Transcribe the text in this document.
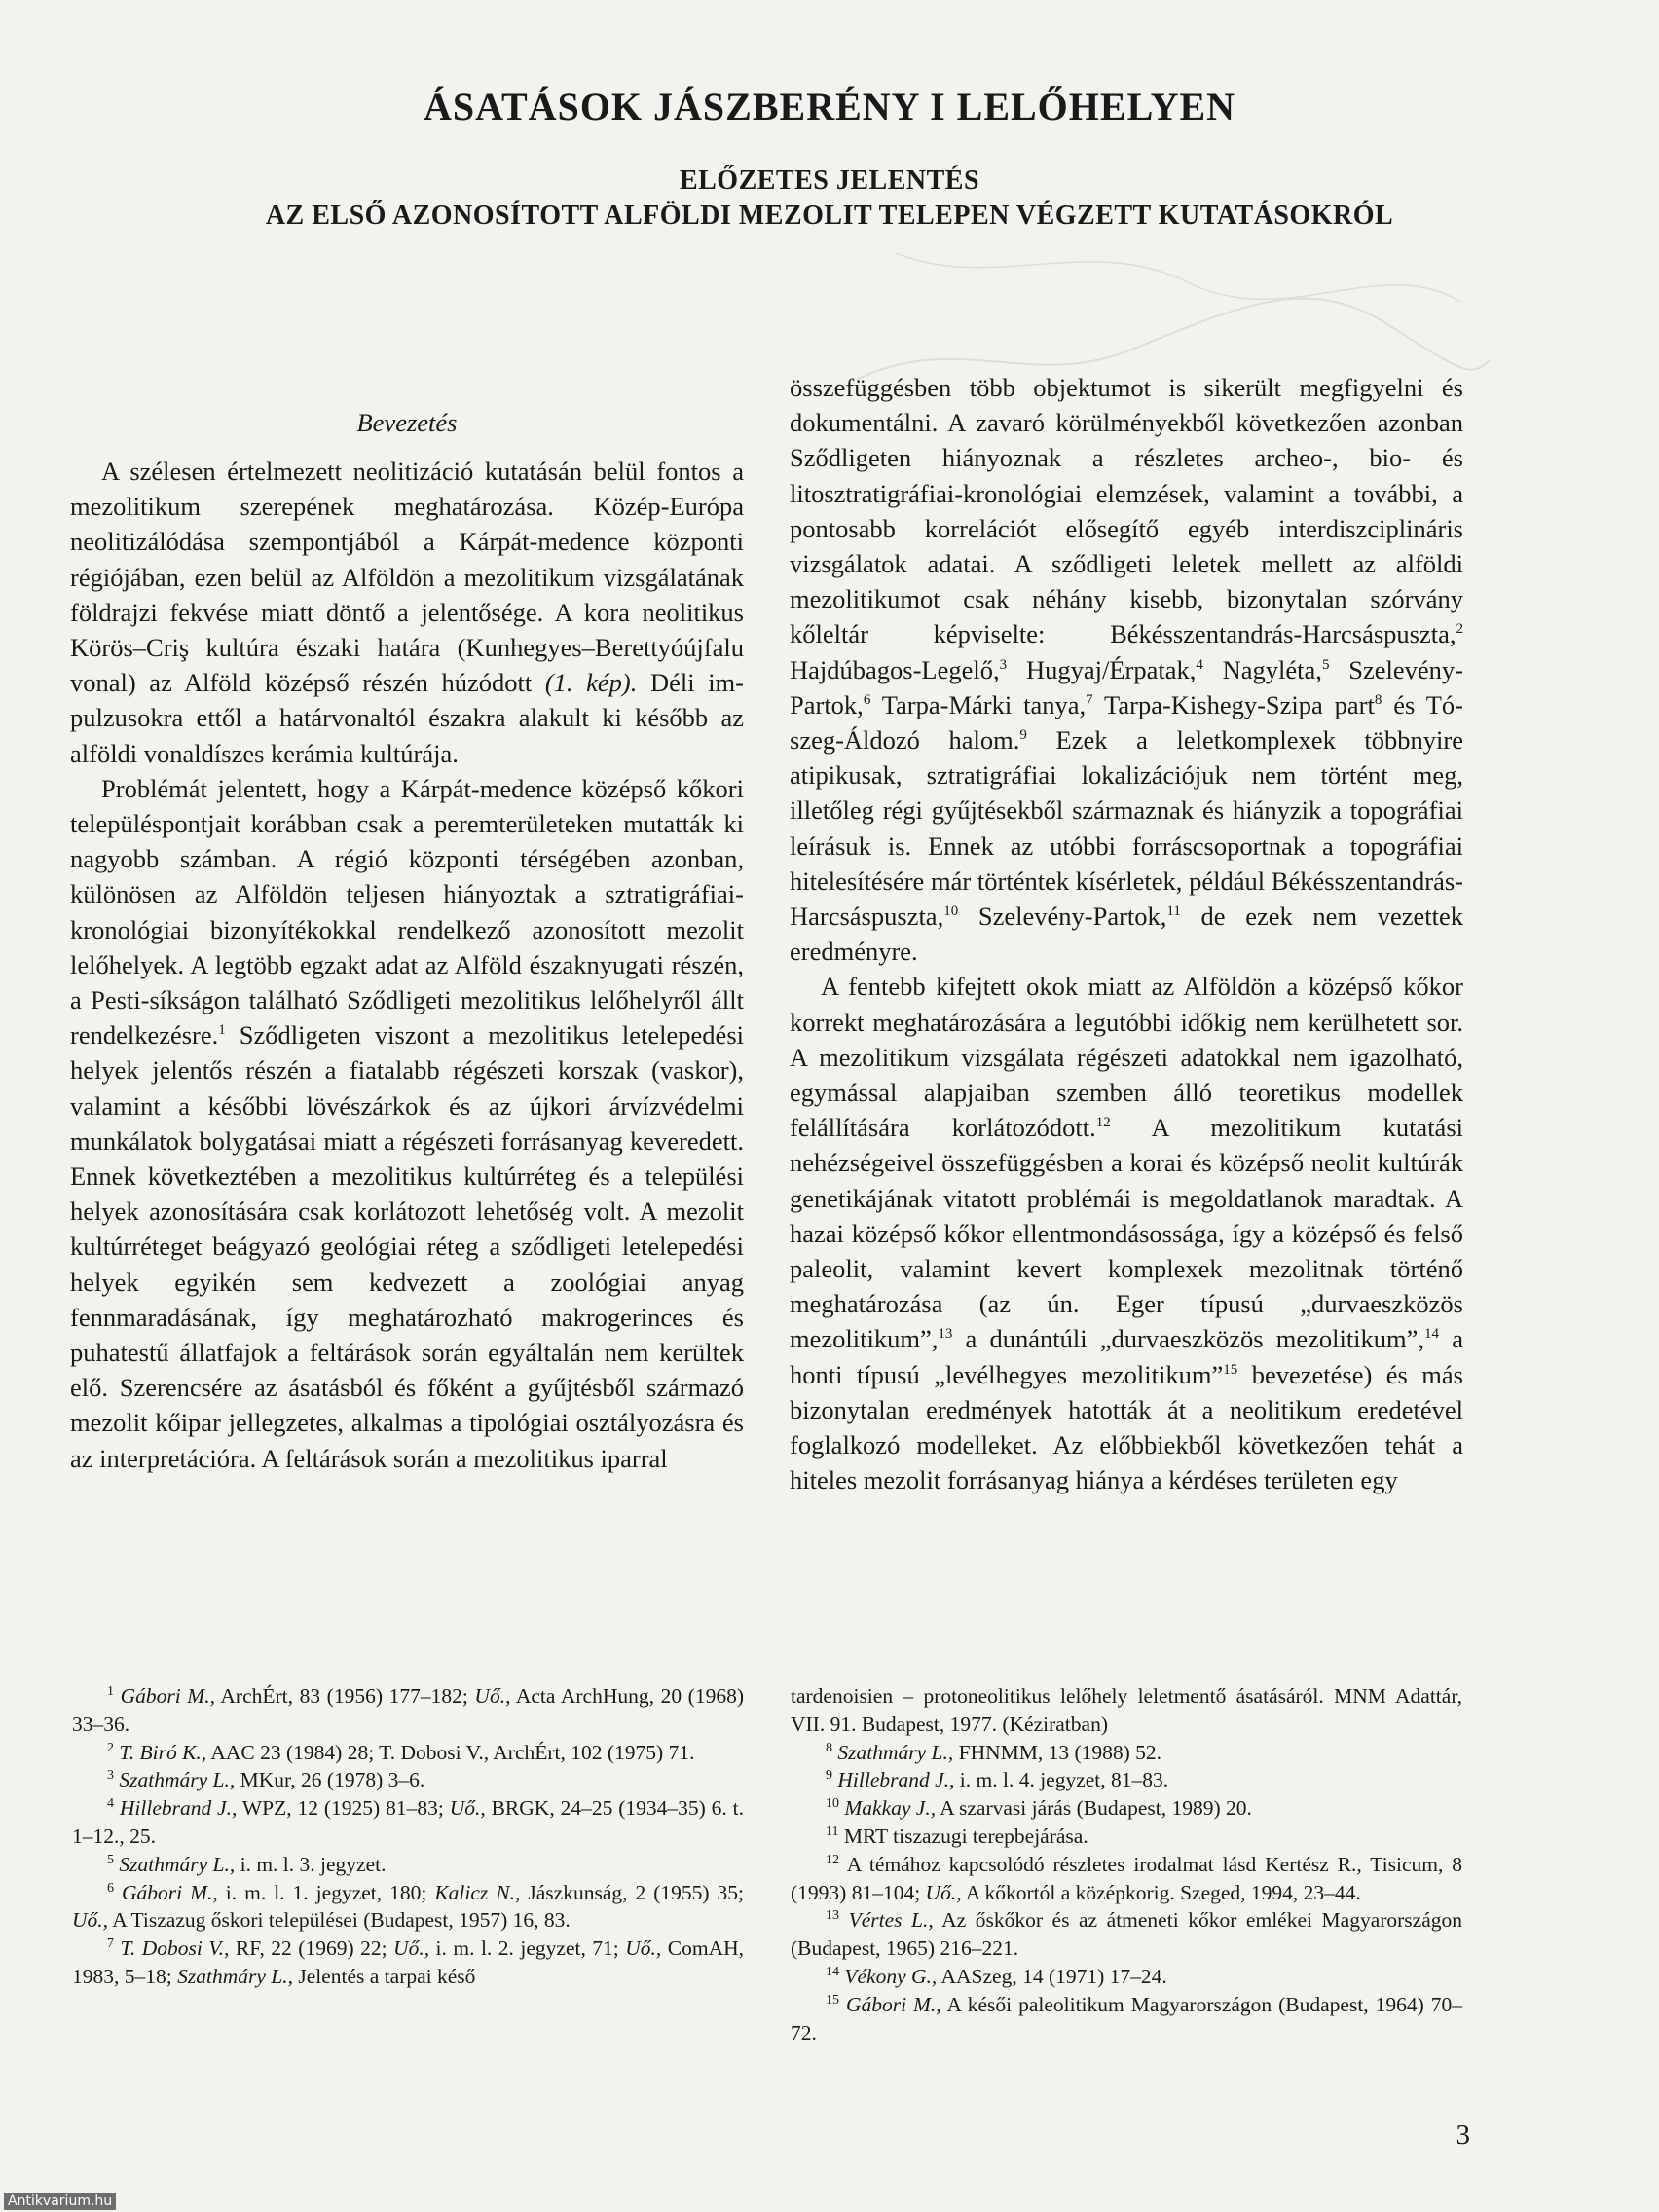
ÁSATÁSOK JÁSZBERÉNY I LELŐHELYEN
ELŐZETES JELENTÉS
AZ ELSŐ AZONOSÍTOTT ALFÖLDI MEZOLIT TELEPEN VÉGZETT KUTATÁSOKRÓL
Bevezetés

A szélesen értelmezett neolitizáció kutatásán belül fontos a mezolitikum szerepének meghatározása. Közép-Európa neolitizálódása szempontjából a Kárpát-medence központi régiójában, ezen belül az Alföldön a mezolitikum vizsgálatának földrajzi fekvése miatt döntő a jelentősége. A kora neolitikus Körös–Criş kultúra északi határa (Kunhegyes–Berettyóújfalu vonal) az Alföld középső részén húzódott (1. kép). Déli impulzusokra ettől a határvonaltól északra alakult ki később az alföldi vonaldíszes kerámia kultúrája.

Problémát jelentett, hogy a Kárpát-medence középső kőkori településpontjait korábban csak a peremterületeken mutatták ki nagyobb számban. A régió központi térségében azonban, különösen az Alföldön teljesen hiányoztak a sztratigráfiai-kronológiai bizonyítékokkal rendelkező azonosított mezolit lelőhelyek. A legtöbb egzakt adat az Alföld északnyugati részén, a Pesti-síkságon található Sződligeti mezolitikus lelőhelyről állt rendelkezésre.$^1$ Sződligeten viszont a mezolitikus letelepedési helyek jelentős részén a fiatalabb régészeti korszak (vaskor), valamint a későbbi lövészárkok és az újkori árvízvédelmi munkálatok bolygatásai miatt a régészeti forrásanyag keveredett. Ennek következtében a mezolitikus kultúrréteg és a települési helyek azonosítására csak korlátozott lehetőség volt. A mezolit kultúrréteget beágyazó geológiai réteg a sződligeti letelepedési helyek egyikén sem kedvezett a zoológiai anyag fennmaradásának, így meghatározható makrogerinces és puhatestű állatfajok a feltárások során egyáltalán nem kerültek elő. Szerencsére az ásatásból és főként a gyűjtésből származó mezolit kőipar jellegzetes, alkalmas a tipológiai osztályozásra és az interpretációra. A feltárások során a mezolitikus iparral

összefüggésben több objektumot is sikerült megfigyelni és dokumentálni. A zavaró körülményekből következően azonban Sződligeten hiányoznak a részletes archeo-, bio- és litosztratigráfiai-kronológiai elemzések, valamint a további, a pontosabb korrelációt elősegítő egyéb interdiszciplináris vizsgálatok adatai. A sződligeti leletek mellett az alföldi mezolitikumot csak néhány kisebb, bizonytalan szórvány kőleltár képviselte: Békésszentandrás-Harcsáspuszta,$^2$ Hajdúbagos-Legelő,$^3$ Hugyaj/Érpatak,$^4$ Nagyléta,$^5$ Szelevény-Partok,$^6$ Tarpa-Márki tanya,$^7$ Tarpa-Kishegy-Szipa part$^8$ és Tószeg-Áldozó halom.$^9$ Ezek a leletkomplexek többnyire atipikusak, sztratigráfiai lokalizációjuk nem történt meg, illetőleg régi gyűjtésekből származnak és hiányzik a topográfiai leírásuk is. Ennek az utóbbi forráscsoportnak a topográfiai hitelesítésére már történtek kísérletek, például Békésszentandrás-Harcsáspuszta,$^{10}$ Szelevény-Partok,$^{11}$ de ezek nem vezettek eredményre.

A fentebb kifejtett okok miatt az Alföldön a középső kőkor korrekt meghatározására a legutóbbi időkig nem kerülhetett sor. A mezolitikum vizsgálata régészeti adatokkal nem igazolható, egymással alapjaiban szemben álló teoretikus modellek felállítására korlátozódott.$^{12}$ A mezolitikum kutatási nehézségeivel összefüggésben a korai és középső neolit kultúrák genetikájának vitatott problémái is megoldatlanok maradtak. A hazai középső kőkor ellentmondásossága, így a középső és felső paleolit, valamint kevert komplexek mezolitnak történő meghatározása (az ún. Eger típusú „durvaeszközös mezolitikum”,$^{13}$ a dunántúli „durvaeszközös mezolitikum”,$^{14}$ a honti típusú „levélhegyes mezolitikum”$^{15}$ bevezetése) és más bizonytalan eredmények hatották át a neolitikum eredetével foglalkozó modelleket. Az előbbiekből következően tehát a hiteles mezolit forrásanyag hiánya a kérdéses területen egy

$^1$ Gábori M., ArchÉrt, 83 (1956) 177–182; Uő., Acta ArchHung, 20 (1968) 33–36.

$^2$ T. Biró K., AAC 23 (1984) 28; T. Dobosi V., ArchÉrt, 102 (1975) 71.

$^3$ Szathmáry L., MKur, 26 (1978) 3–6.

$^4$ Hillebrand J., WPZ, 12 (1925) 81–83; Uő., BRGK, 24–25 (1934–35) 6. t. 1–12., 25.

$^5$ Szathmáry L., i. m. l. 3. jegyzet.

$^6$ Gábori M., i. m. l. 1. jegyzet, 180; Kalicz N., Jászkunság, 2 (1955) 35; Uő., A Tiszazug őskori települései (Budapest, 1957) 16, 83.

$^7$ T. Dobosi V., RF, 22 (1969) 22; Uő., i. m. l. 2. jegyzet, 71; Uő., ComAH, 1983, 5–18; Szathmáry L., Jelentés a tarpai késő

tardenoisien – protoneolitikus lelőhely leletmentő ásatásáról. MNM Adattár, VII. 91. Budapest, 1977. (Kéziratban)

$^8$ Szathmáry L., FHNMM, 13 (1988) 52.

$^9$ Hillebrand J., i. m. l. 4. jegyzet, 81–83.

$^{10}$ Makkay J., A szarvasi járás (Budapest, 1989) 20.

$^{11}$ MRT tiszazugi terepbejárása.

$^{12}$ A témához kapcsolódó részletes irodalmat lásd Kertész R., Tisicum, 8 (1993) 81–104; Uő., A kőkortól a középkorig. Szeged, 1994, 23–44.

$^{13}$ Vértes L., Az őskőkor és az átmeneti kőkor emlékei Magyarországon (Budapest, 1965) 216–221.

$^{14}$ Vékony G., AASzeg, 14 (1971) 17–24.

$^{15}$ Gábori M., A késői paleolitikum Magyarországon (Budapest, 1964) 70–72.

3
Antikvarium.hu
